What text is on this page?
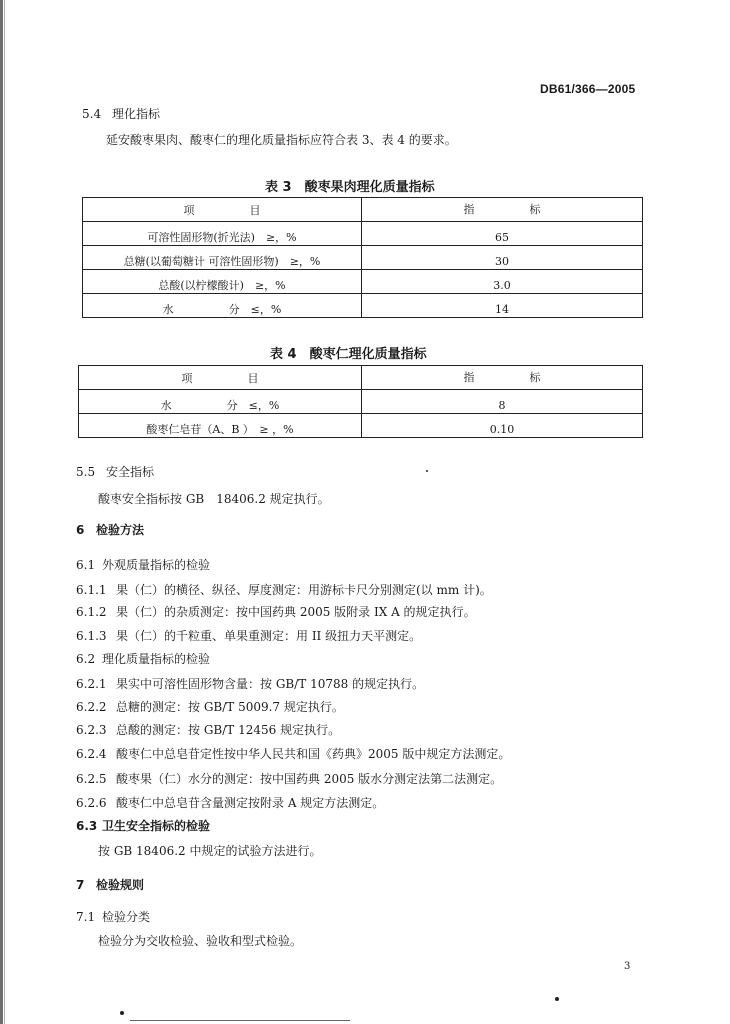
DB61/366—2005
5.4 理化指标
延安酸枣果肉、酸枣仁的理化质量指标应符合表 3、表 4 的要求。
表 3　酸枣果肉理化质量指标
项　　　　　目	指　　　　　标
可溶性固形物(折光法)　≥，%	65
总糖(以葡萄糖计 可溶性固形物)　≥，%	30
总酸(以柠檬酸计)　≥，%	3.0
水　　　　　分　≤，%	14
表 4　酸枣仁理化质量指标
项　　　　　目	指　　　　　标
水　　　　　分　≤，%	8
酸枣仁皂苷（A、B ）　≥ ，%	0.10
5.5 安全指标
酸枣安全指标按 GB　18406.2 规定执行。
6 检验方法
6.1 外观质量指标的检验
6.1.1 果（仁）的横径、纵径、厚度测定：用游标卡尺分别测定(以 mm 计)。
6.1.2 果（仁）的杂质测定：按中国药典 2005 版附录 IX A 的规定执行。
6.1.3 果（仁）的千粒重、单果重测定：用 II 级扭力天平测定。
6.2 理化质量指标的检验
6.2.1 果实中可溶性固形物含量：按 GB/T 10788 的规定执行。
6.2.2 总糖的测定：按 GB/T 5009.7 规定执行。
6.2.3 总酸的测定：按 GB/T 12456 规定执行。
6.2.4 酸枣仁中总皂苷定性按中华人民共和国《药典》2005 版中规定方法测定。
6.2.5 酸枣果（仁）水分的测定：按中国药典 2005 版水分测定法第二法测定。
6.2.6 酸枣仁中总皂苷含量测定按附录 A 规定方法测定。
6.3 卫生安全指标的检验
按 GB 18406.2 中规定的试验方法进行。
7 检验规则
7.1 检验分类
检验分为交收检验、验收和型式检验。
3
